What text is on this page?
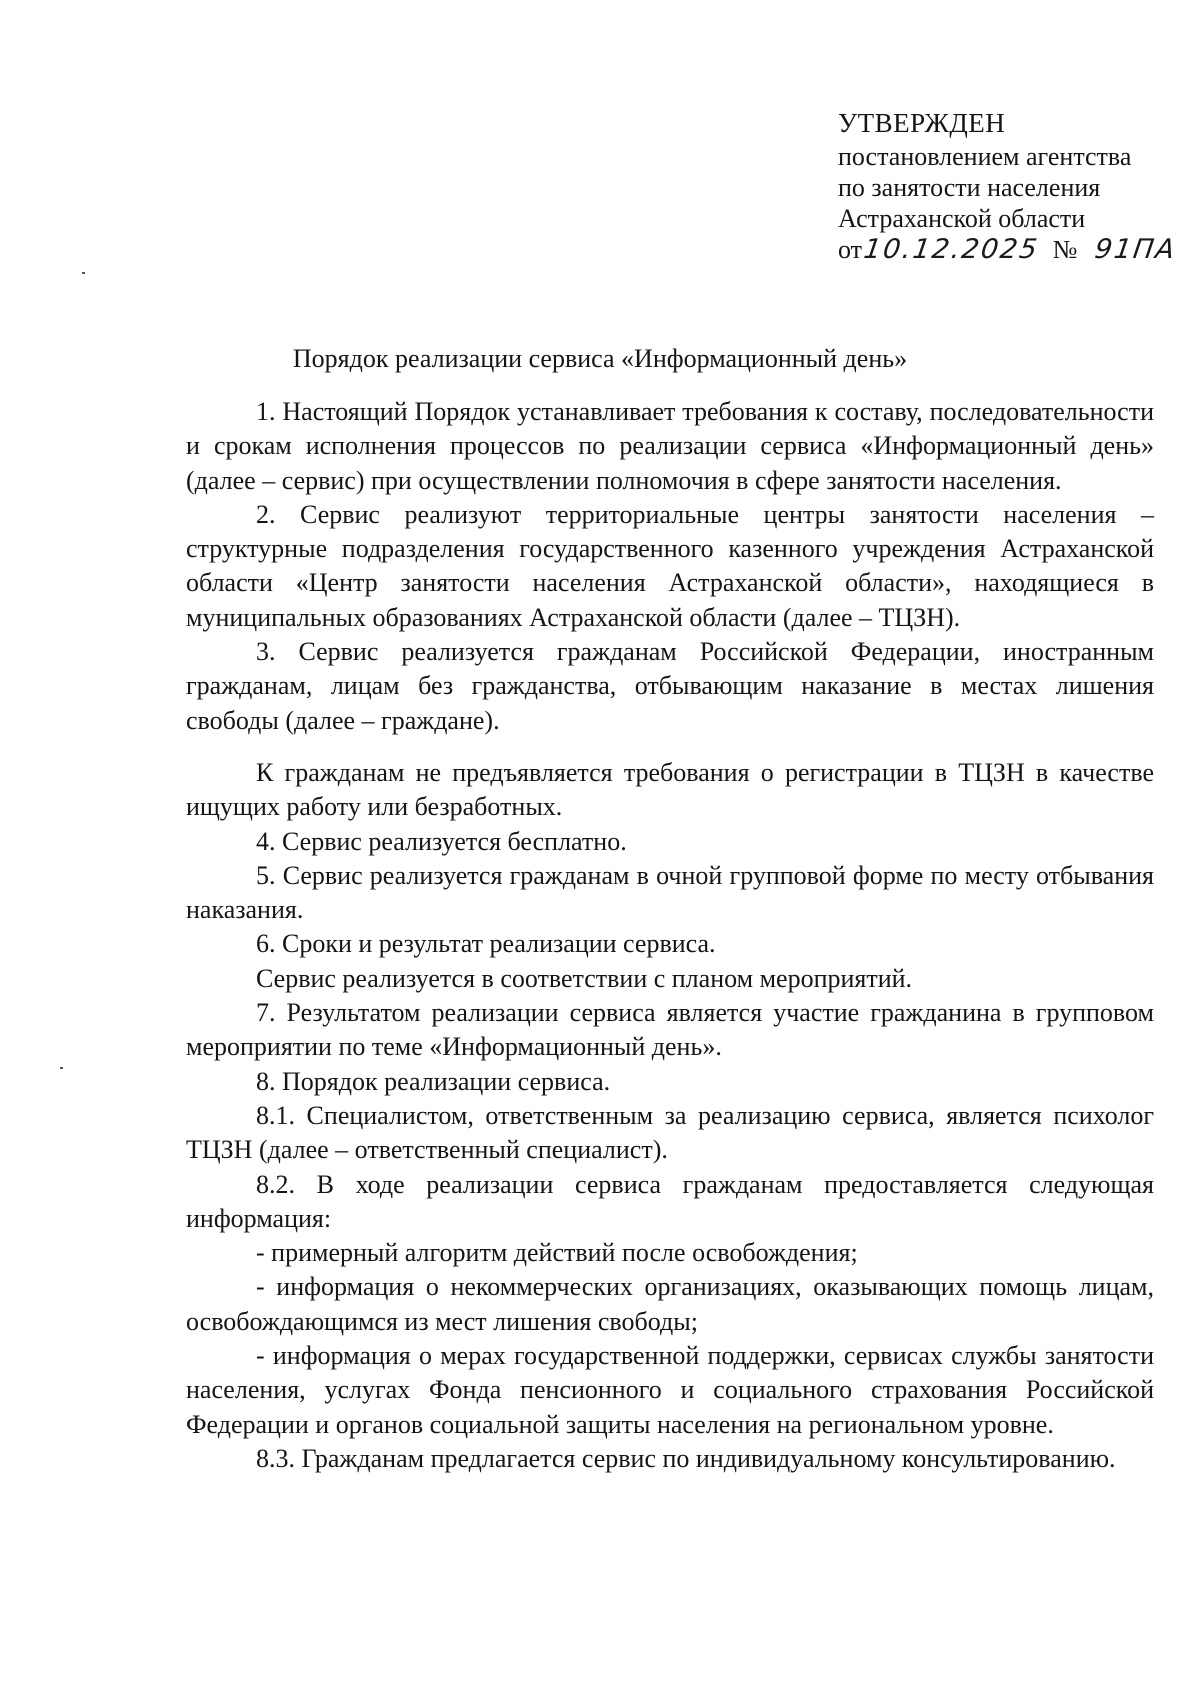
УТВЕРЖДЕН
постановлением агентства
по занятости населения
Астраханской области
от10.12.2025 № 91ПА
Порядок реализации сервиса «Информационный день»

1. Настоящий Порядок устанавливает требования к составу, последовательности и срокам исполнения процессов по реализации сервиса «Информационный день» (далее – сервис) при осуществлении полномочия в сфере занятости населения.

2. Сервис реализуют территориальные центры занятости населения – структурные подразделения государственного казенного учреждения Астраханской области «Центр занятости населения Астраханской области», находящиеся в муниципальных образованиях Астраханской области (далее – ТЦЗН).

3. Сервис реализуется гражданам Российской Федерации, иностранным гражданам, лицам без гражданства, отбывающим наказание в местах лишения свободы (далее – граждане).

К гражданам не предъявляется требования о регистрации в ТЦЗН в качестве ищущих работу или безработных.

4. Сервис реализуется бесплатно.

5. Сервис реализуется гражданам в очной групповой форме по месту отбывания наказания.

6. Сроки и результат реализации сервиса.

Сервис реализуется в соответствии с планом мероприятий.

7. Результатом реализации сервиса является участие гражданина в групповом мероприятии по теме «Информационный день».

8. Порядок реализации сервиса.

8.1. Специалистом, ответственным за реализацию сервиса, является психолог ТЦЗН (далее – ответственный специалист).

8.2. В ходе реализации сервиса гражданам предоставляется следующая информация:

- примерный алгоритм действий после освобождения;

- информация о некоммерческих организациях, оказывающих помощь лицам, освобождающимся из мест лишения свободы;

- информация о мерах государственной поддержки, сервисах службы занятости населения, услугах Фонда пенсионного и социального страхования Российской Федерации и органов социальной защиты населения на региональном уровне.

8.3. Гражданам предлагается сервис по индивидуальному консультированию.
